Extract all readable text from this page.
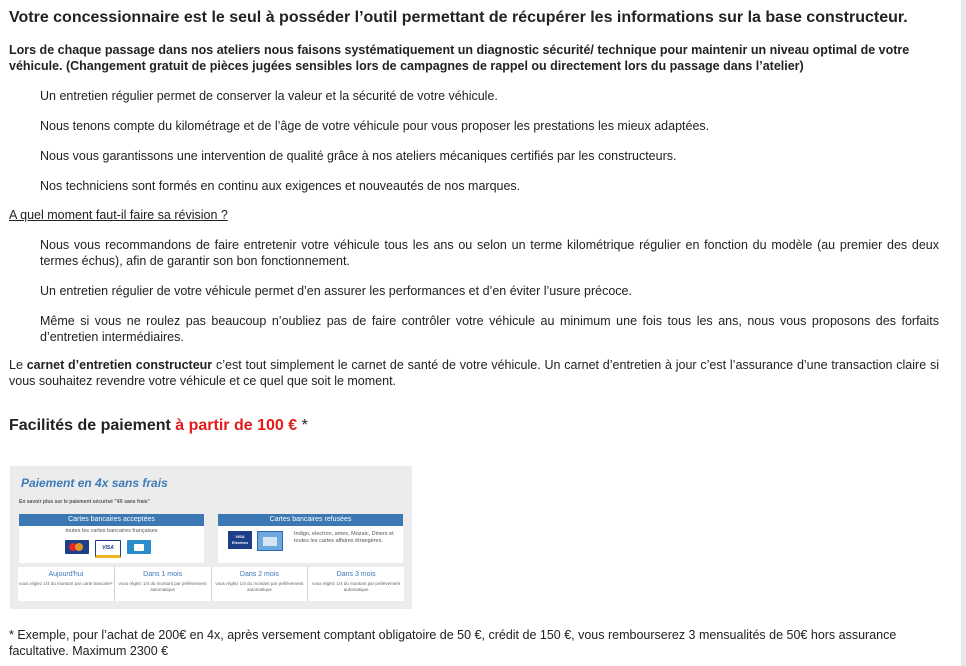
Votre concessionnaire est le seul à posséder l’outil permettant de récupérer les informations sur la base constructeur.
Lors de chaque passage dans nos ateliers nous faisons systématiquement un diagnostic sécurité/ technique pour maintenir un niveau optimal de votre véhicule. (Changement gratuit de pièces jugées sensibles lors de campagnes de rappel ou directement lors du passage dans l’atelier)
Un entretien régulier permet de conserver la valeur et la sécurité de votre véhicule.
Nous tenons compte du kilométrage et de l’âge de votre véhicule pour vous proposer les prestations les mieux adaptées.
Nous vous garantissons une intervention de qualité grâce à nos ateliers mécaniques certifiés par les constructeurs.
Nos techniciens sont formés en continu aux exigences et nouveautés de nos marques.
A quel moment faut-il faire sa révision ?
Nous vous recommandons de faire entretenir votre véhicule tous les ans ou selon un terme kilométrique régulier en fonction du modèle (au premier des deux termes échus), afin de garantir son bon fonctionnement.
Un entretien régulier de votre véhicule permet d’en assurer les performances et d’en éviter l’usure précoce.
Même si vous ne roulez pas beaucoup n’oubliez pas de faire contrôler votre véhicule au minimum une fois tous les ans, nous vous proposons des forfaits d’entretien intermédiaires.
Le carnet d’entretien constructeur c’est tout simplement le carnet de santé de votre véhicule. Un carnet d’entretien à jour c’est l’assurance d’une transaction claire si vous souhaitez revendre votre véhicule et ce quel que soit le moment.
Facilités de paiement à partir de 100 € *
Paiement en 4x sans frais
En savoir plus sur le paiement sécurisé "4X sans frais"
Cartes bancaires acceptées
toutes les cartes bancaires françaises
VISA
Cartes bancaires refusées
VISA Electron
Indigo, electron, amex, Mozaic, Diners et toutes les cartes affaires étrangères.
Aujourd'hui
vous réglez 1/4 du montant par carte bancaire*
Dans 1 mois
vous réglez 1/4 du montant par prélèvement automatique
Dans 2 mois
vous réglez 1/4 du montant par prélèvement automatique
Dans 3 mois
vous réglez 1/4 du montant par prélèvement automatique
* Exemple, pour l’achat de 200€ en 4x, après versement comptant obligatoire de 50 €, crédit de 150 €, vous rembourserez 3 mensualités de 50€ hors assurance facultative. Maximum 2300 €
